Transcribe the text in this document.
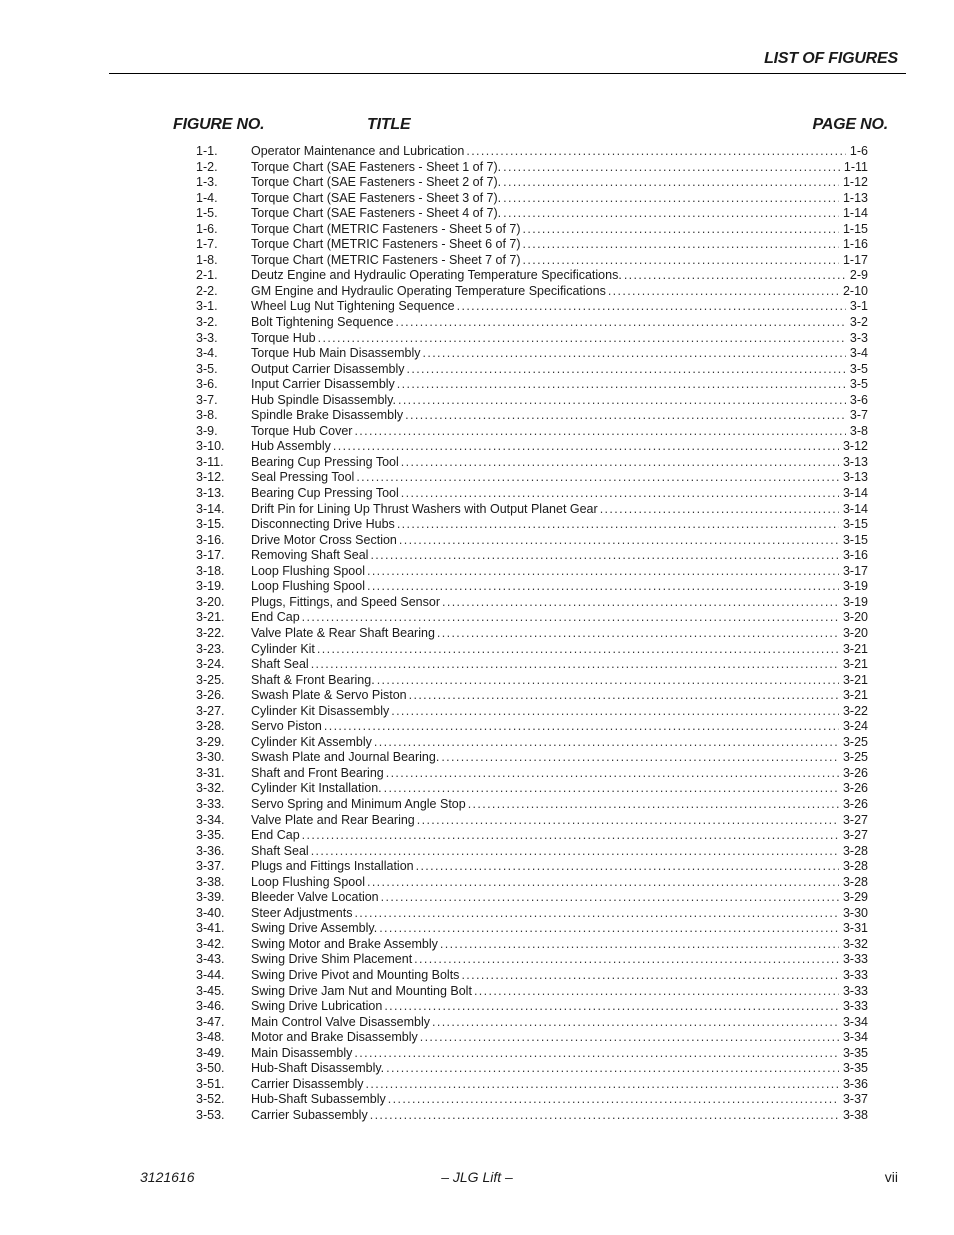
LIST OF FIGURES
FIGURE NO.	TITLE	PAGE NO.
1-1.	Operator Maintenance and Lubrication . . .	1-6
1-2.	Torque Chart (SAE Fasteners - Sheet 1 of 7). . . .	1-11
1-3.	Torque Chart (SAE Fasteners - Sheet 2 of 7). . . .	1-12
1-4.	Torque Chart (SAE Fasteners - Sheet 3 of 7). . . .	1-13
1-5.	Torque Chart (SAE Fasteners - Sheet 4 of 7). . . .	1-14
1-6.	Torque Chart (METRIC Fasteners - Sheet 5 of 7) . . .	1-15
1-7.	Torque Chart (METRIC Fasteners - Sheet 6 of 7) . . .	1-16
1-8.	Torque Chart (METRIC Fasteners - Sheet 7 of 7) . . .	1-17
2-1.	Deutz Engine and Hydraulic Operating Temperature Specifications. . . .	2-9
2-2.	GM Engine and Hydraulic Operating Temperature Specifications . . .	2-10
3-1.	Wheel Lug Nut Tightening Sequence . . .	3-1
3-2.	Bolt Tightening Sequence . . .	3-2
3-3.	Torque Hub . . .	3-3
3-4.	Torque Hub Main Disassembly . . .	3-4
3-5.	Output Carrier Disassembly . . .	3-5
3-6.	Input Carrier Disassembly . . .	3-5
3-7.	Hub Spindle Disassembly. . . .	3-6
3-8.	Spindle Brake Disassembly . . .	3-7
3-9.	Torque Hub Cover . . .	3-8
3-10.	Hub Assembly . . .	3-12
3-11.	Bearing Cup Pressing Tool . . .	3-13
3-12.	Seal Pressing Tool . . .	3-13
3-13.	Bearing Cup Pressing Tool . . .	3-14
3-14.	Drift Pin for Lining Up Thrust Washers with Output Planet Gear . . .	3-14
3-15.	Disconnecting Drive Hubs . . .	3-15
3-16.	Drive Motor Cross Section . . .	3-15
3-17.	Removing Shaft Seal . . .	3-16
3-18.	Loop Flushing Spool . . .	3-17
3-19.	Loop Flushing Spool . . .	3-19
3-20.	Plugs, Fittings, and Speed Sensor . . .	3-19
3-21.	End Cap . . .	3-20
3-22.	Valve Plate & Rear Shaft Bearing . . .	3-20
3-23.	Cylinder Kit . . .	3-21
3-24.	Shaft Seal . . .	3-21
3-25.	Shaft & Front Bearing. . . .	3-21
3-26.	Swash Plate & Servo Piston . . .	3-21
3-27.	Cylinder Kit Disassembly . . .	3-22
3-28.	Servo Piston . . .	3-24
3-29.	Cylinder Kit Assembly . . .	3-25
3-30.	Swash Plate and Journal Bearing. . . .	3-25
3-31.	Shaft and Front Bearing . . .	3-26
3-32.	Cylinder Kit Installation. . . .	3-26
3-33.	Servo Spring and Minimum Angle Stop . . .	3-26
3-34.	Valve Plate and Rear Bearing . . .	3-27
3-35.	End Cap . . .	3-27
3-36.	Shaft Seal . . .	3-28
3-37.	Plugs and Fittings Installation . . .	3-28
3-38.	Loop Flushing Spool . . .	3-28
3-39.	Bleeder Valve Location . . .	3-29
3-40.	Steer Adjustments . . .	3-30
3-41.	Swing Drive Assembly. . . .	3-31
3-42.	Swing Motor and Brake Assembly . . .	3-32
3-43.	Swing Drive Shim Placement . . .	3-33
3-44.	Swing Drive Pivot and Mounting Bolts . . .	3-33
3-45.	Swing Drive Jam Nut and Mounting Bolt . . .	3-33
3-46.	Swing Drive Lubrication . . .	3-33
3-47.	Main Control Valve Disassembly . . .	3-34
3-48.	Motor and Brake Disassembly . . .	3-34
3-49.	Main Disassembly . . .	3-35
3-50.	Hub-Shaft Disassembly. . . .	3-35
3-51.	Carrier Disassembly . . .	3-36
3-52.	Hub-Shaft Subassembly . . .	3-37
3-53.	Carrier Subassembly . . .	3-38
3121616	– JLG Lift –	vii
